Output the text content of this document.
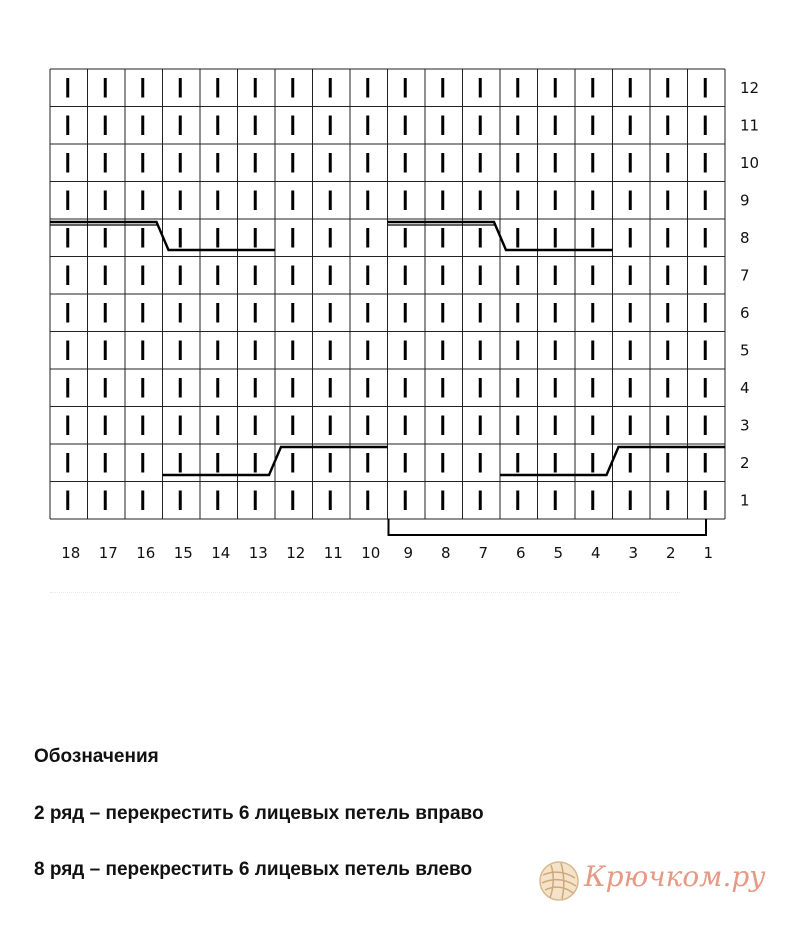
12
11
10
9
8
7
6
5
4
3
2
1
18 17 16 15 14 13 12 11 10 9 8 7 6 5 4 3 2 1
Обозначения
2 ряд – перекрестить 6 лицевых петель вправо
8 ряд – перекрестить 6 лицевых петель влево	Крючком.ру
